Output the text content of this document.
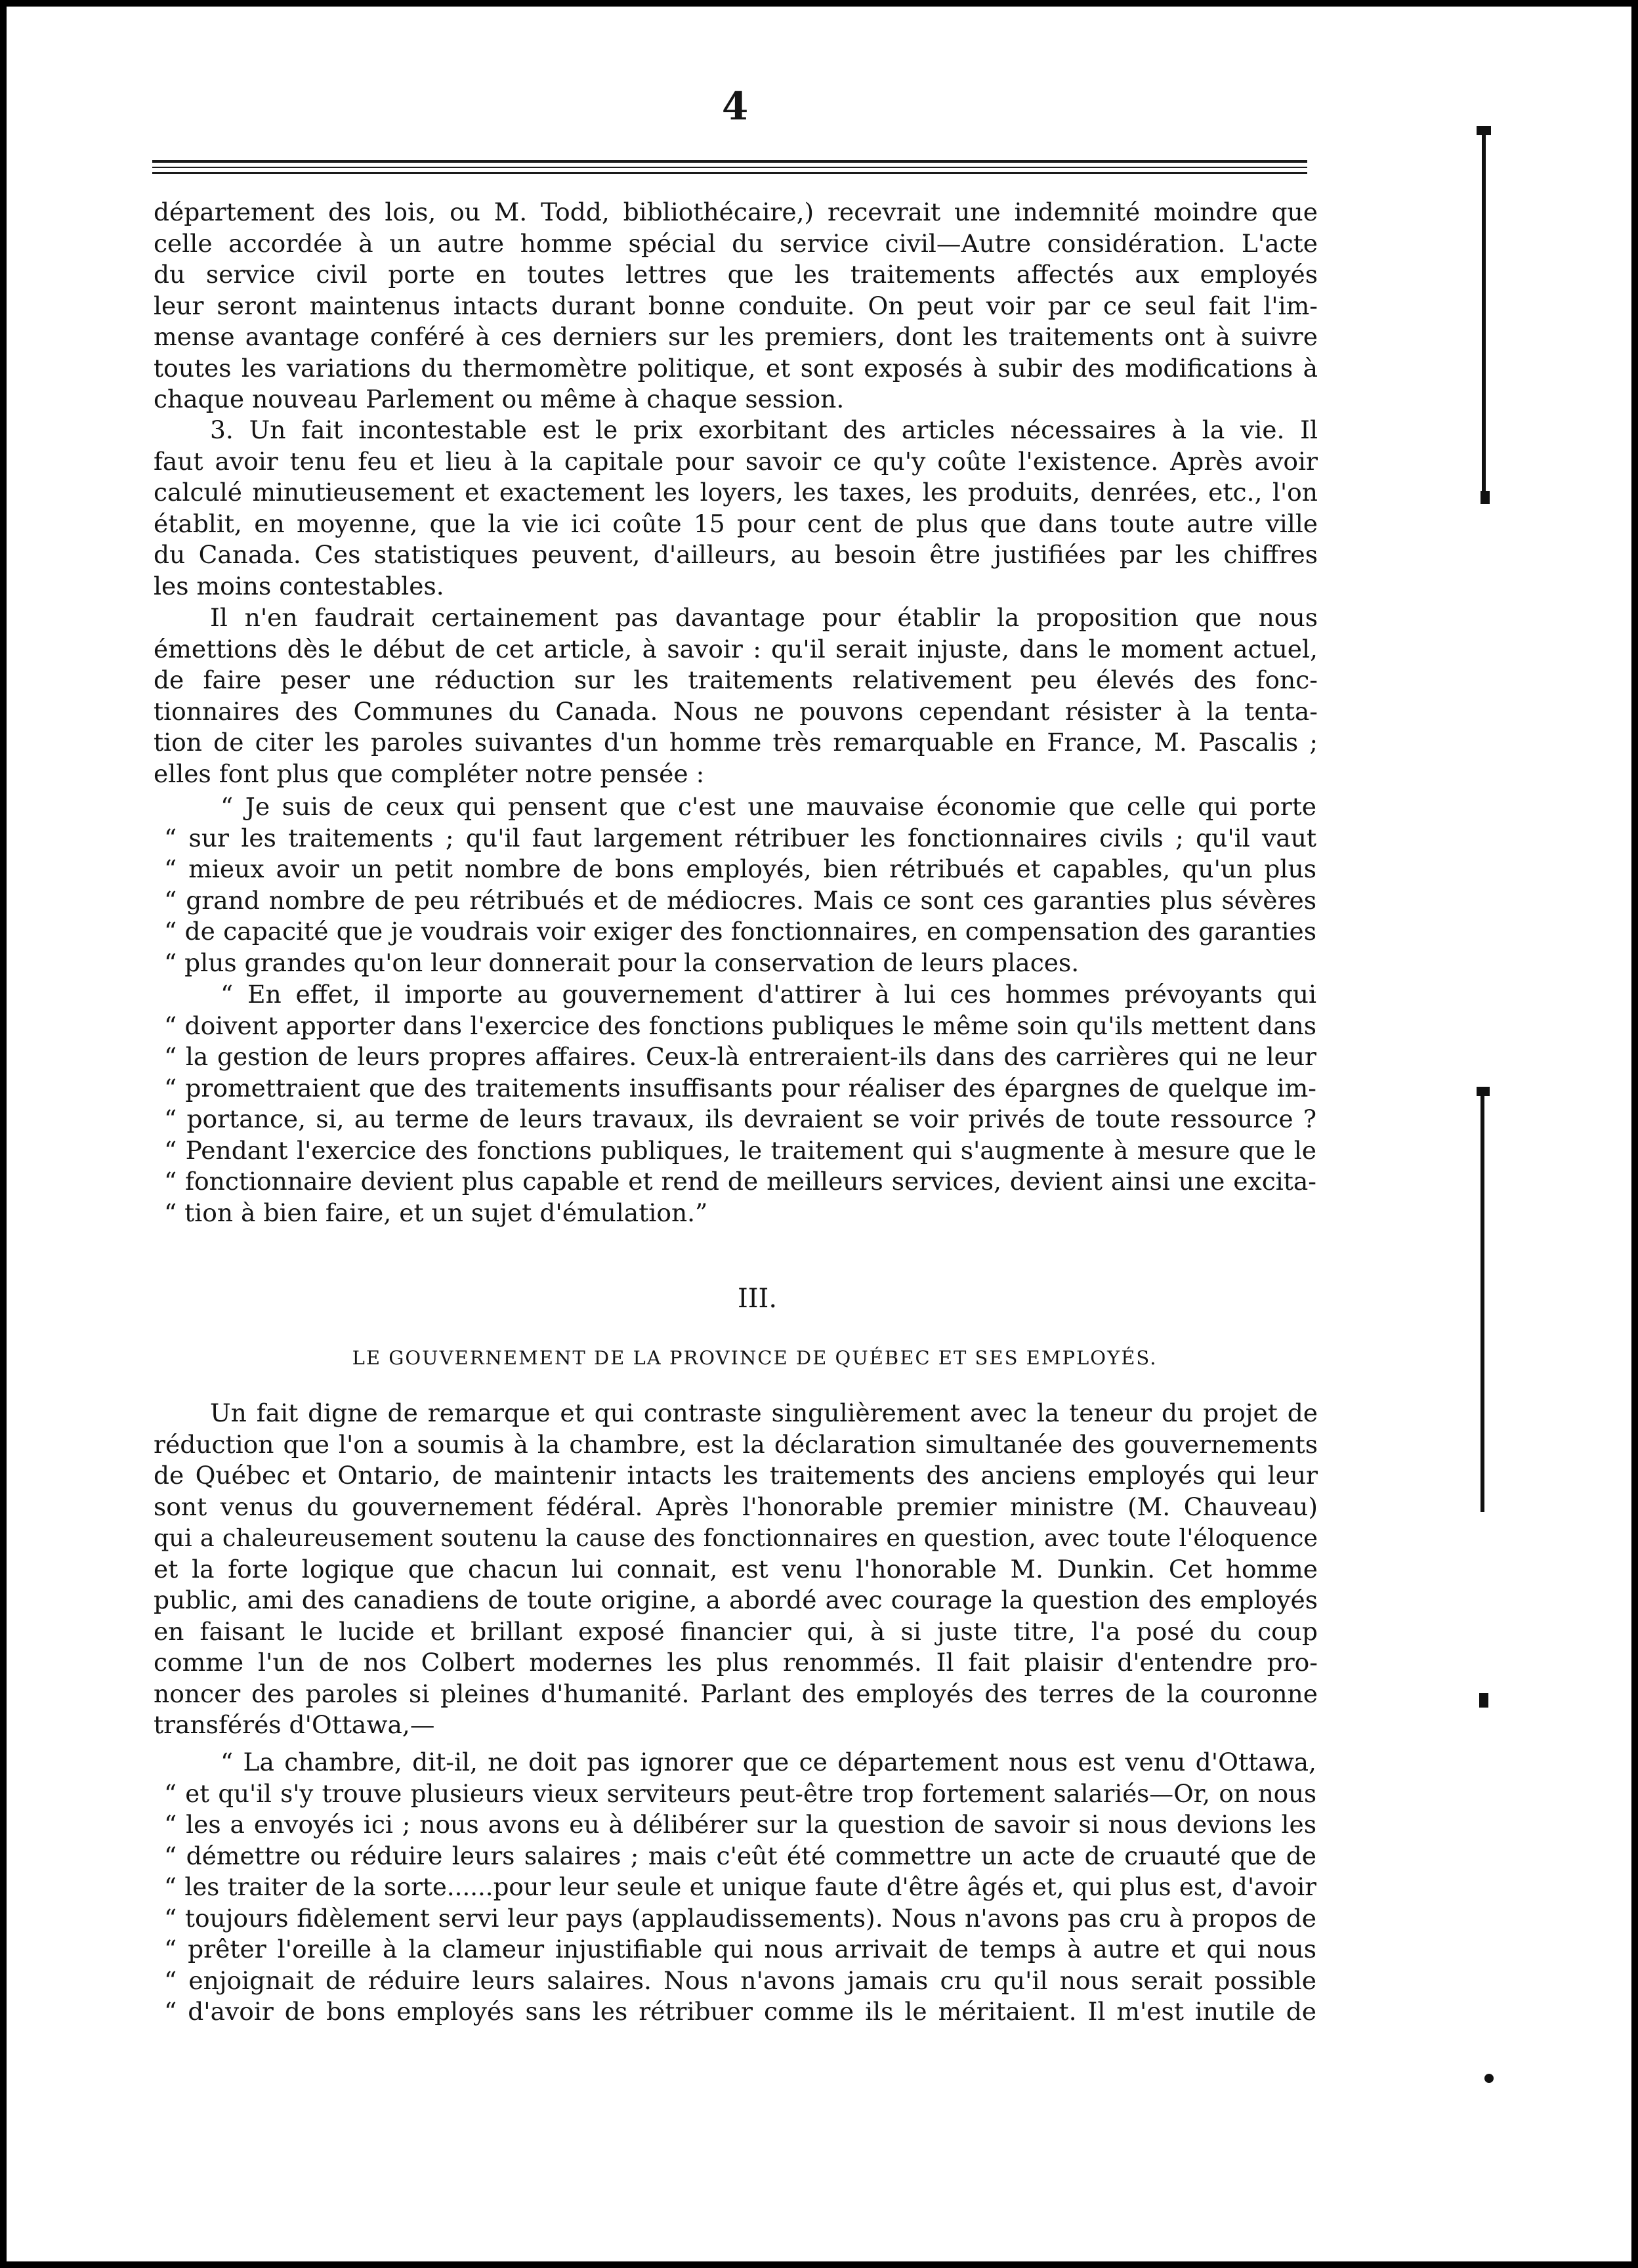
4
département des lois, ou M. Todd, bibliothécaire,) recevrait une indemnité moindre que
celle accordée à un autre homme spécial du service civil—Autre considération. L'acte
du service civil porte en toutes lettres que les traitements affectés aux employés
leur seront maintenus intacts durant bonne conduite. On peut voir par ce seul fait l'im-
mense avantage conféré à ces derniers sur les premiers, dont les traitements ont à suivre
toutes les variations du thermomètre politique, et sont exposés à subir des modifications à
chaque nouveau Parlement ou même à chaque session.
3. Un fait incontestable est le prix exorbitant des articles nécessaires à la vie. Il
faut avoir tenu feu et lieu à la capitale pour savoir ce qu'y coûte l'existence. Après avoir
calculé minutieusement et exactement les loyers, les taxes, les produits, denrées, etc., l'on
établit, en moyenne, que la vie ici coûte 15 pour cent de plus que dans toute autre ville
du Canada. Ces statistiques peuvent, d'ailleurs, au besoin être justifiées par les chiffres
les moins contestables.
Il n'en faudrait certainement pas davantage pour établir la proposition que nous
émettions dès le début de cet article, à savoir : qu'il serait injuste, dans le moment actuel,
de faire peser une réduction sur les traitements relativement peu élevés des fonc-
tionnaires des Communes du Canada. Nous ne pouvons cependant résister à la tenta-
tion de citer les paroles suivantes d'un homme très remarquable en France, M. Pascalis ;
elles font plus que compléter notre pensée :
“ Je suis de ceux qui pensent que c'est une mauvaise économie que celle qui porte
“ sur les traitements ; qu'il faut largement rétribuer les fonctionnaires civils ; qu'il vaut
“ mieux avoir un petit nombre de bons employés, bien rétribués et capables, qu'un plus
“ grand nombre de peu rétribués et de médiocres. Mais ce sont ces garanties plus sévères
“ de capacité que je voudrais voir exiger des fonctionnaires, en compensation des garanties
“ plus grandes qu'on leur donnerait pour la conservation de leurs places.
“ En effet, il importe au gouvernement d'attirer à lui ces hommes prévoyants qui
“ doivent apporter dans l'exercice des fonctions publiques le même soin qu'ils mettent dans
“ la gestion de leurs propres affaires. Ceux-là entreraient-ils dans des carrières qui ne leur
“ promettraient que des traitements insuffisants pour réaliser des épargnes de quelque im-
“ portance, si, au terme de leurs travaux, ils devraient se voir privés de toute ressource ?
“ Pendant l'exercice des fonctions publiques, le traitement qui s'augmente à mesure que le
“ fonctionnaire devient plus capable et rend de meilleurs services, devient ainsi une excita-
“ tion à bien faire, et un sujet d'émulation.”
III.
LE GOUVERNEMENT DE LA PROVINCE DE QUÉBEC ET SES EMPLOYÉS.
Un fait digne de remarque et qui contraste singulièrement avec la teneur du projet de
réduction que l'on a soumis à la chambre, est la déclaration simultanée des gouvernements
de Québec et Ontario, de maintenir intacts les traitements des anciens employés qui leur
sont venus du gouvernement fédéral. Après l'honorable premier ministre (M. Chauveau)
qui a chaleureusement soutenu la cause des fonctionnaires en question, avec toute l'éloquence
et la forte logique que chacun lui connait, est venu l'honorable M. Dunkin. Cet homme
public, ami des canadiens de toute origine, a abordé avec courage la question des employés
en faisant le lucide et brillant exposé financier qui, à si juste titre, l'a posé du coup
comme l'un de nos Colbert modernes les plus renommés. Il fait plaisir d'entendre pro-
noncer des paroles si pleines d'humanité. Parlant des employés des terres de la couronne
transférés d'Ottawa,—
“ La chambre, dit-il, ne doit pas ignorer que ce département nous est venu d'Ottawa,
“ et qu'il s'y trouve plusieurs vieux serviteurs peut-être trop fortement salariés—Or, on nous
“ les a envoyés ici ; nous avons eu à délibérer sur la question de savoir si nous devions les
“ démettre ou réduire leurs salaires ; mais c'eût été commettre un acte de cruauté que de
“ les traiter de la sorte......pour leur seule et unique faute d'être âgés et, qui plus est, d'avoir
“ toujours fidèlement servi leur pays (applaudissements). Nous n'avons pas cru à propos de
“ prêter l'oreille à la clameur injustifiable qui nous arrivait de temps à autre et qui nous
“ enjoignait de réduire leurs salaires. Nous n'avons jamais cru qu'il nous serait possible
“ d'avoir de bons employés sans les rétribuer comme ils le méritaient. Il m'est inutile de
